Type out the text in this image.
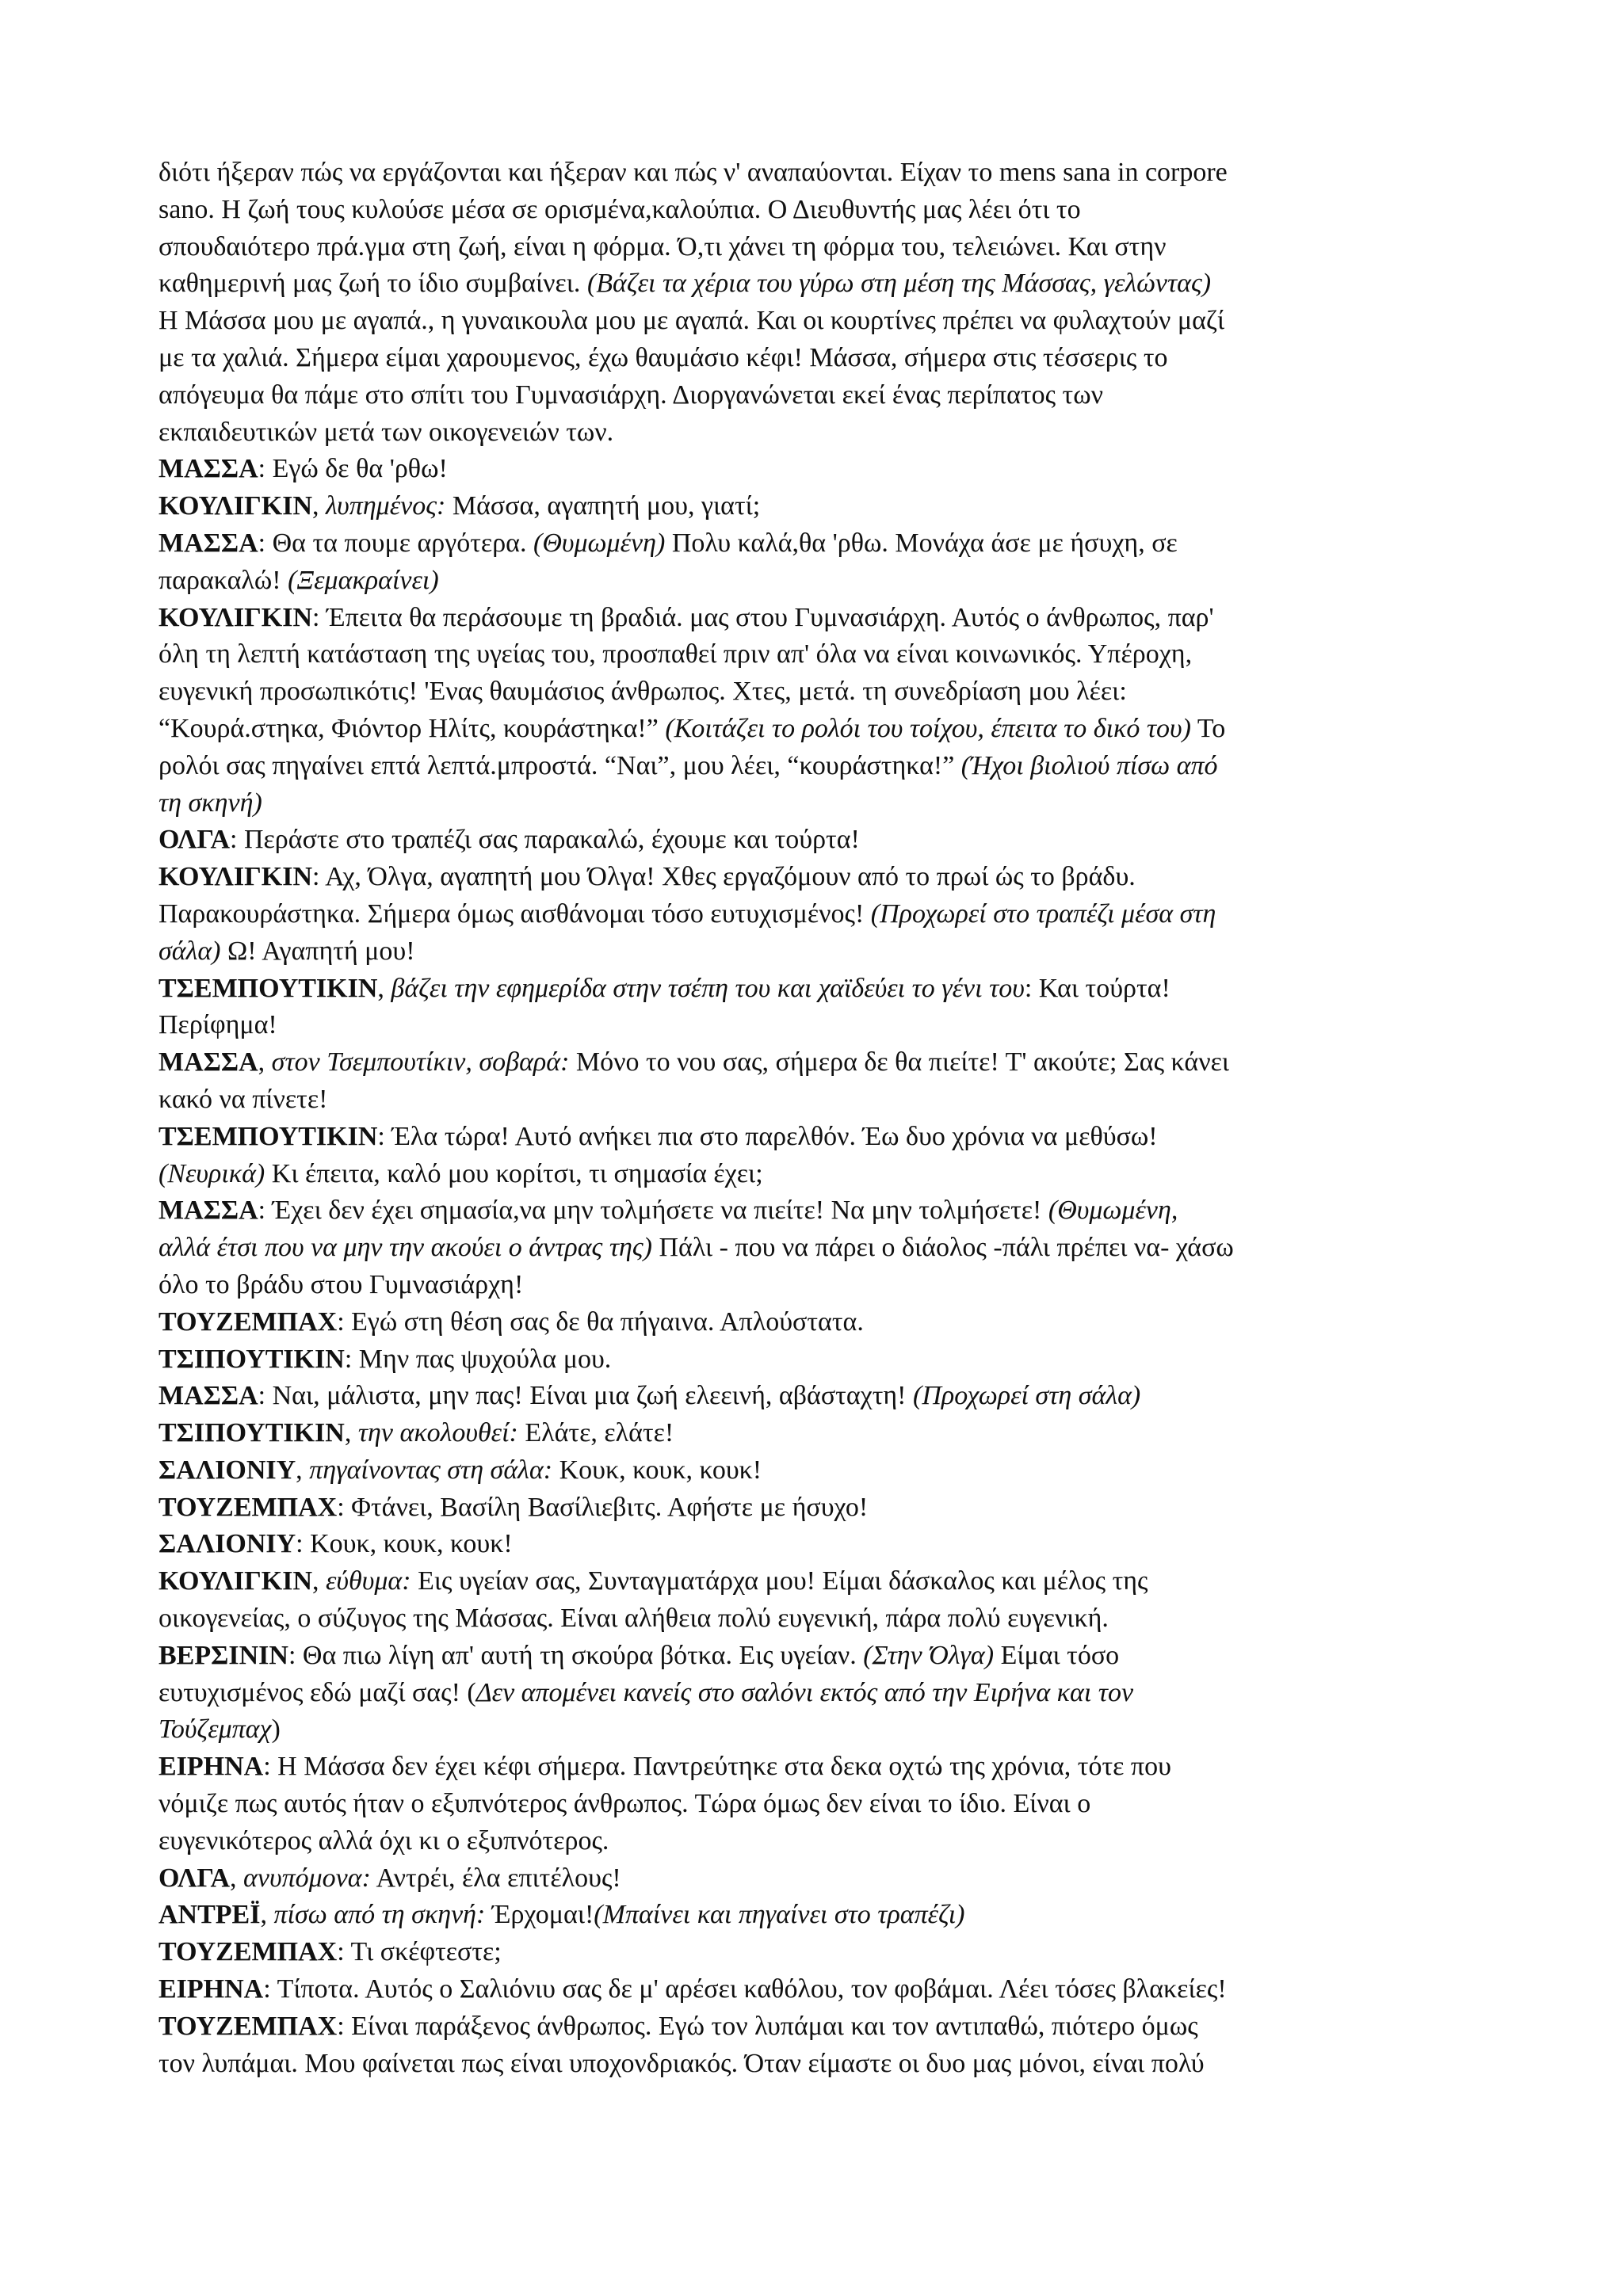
διότι ήξεραν πώς να εργάζονται και ήξεραν και πώς ν' αναπαύονται. Είχαν το mens sana in corpore
sano. Η ζωή τους κυλούσε μέσα σε ορισμένα,καλούπια. Ο Διευθυντής μας λέει ότι το
σπουδαιότερο πρά.γμα στη ζωή, είναι η φόρμα. Ό,τι χάνει τη φόρμα του, τελειώνει. Και στην
καθημερινή μας ζωή το ίδιο συμβαίνει. (Βάζει τα χέρια του γύρω στη μέση της Μάσσας, γελώντας)
Η Μάσσα μου με αγαπά., η γυναικουλα μου με αγαπά. Και οι κουρτίνες πρέπει να φυλαχτούν μαζί
με τα χαλιά. Σήμερα είμαι χαρουμενος, έχω θαυμάσιο κέφι! Μάσσα, σήμερα στις τέσσερις το
απόγευμα θα πάμε στο σπίτι του Γυμνασιάρχη. Διοργανώνεται εκεί ένας περίπατος των
εκπαιδευτικών μετά των οικογενειών των.
ΜΑΣΣΑ: Εγώ δε θα 'ρθω!
ΚΟΥΛΙΓΚΙΝ, λυπημένος: Μάσσα, αγαπητή μου, γιατί;
ΜΑΣΣΑ: Θα τα πουμε αργότερα. (Θυμωμένη) Πολυ καλά,θα 'ρθω. Μονάχα άσε με ήσυχη, σε
παρακαλώ! (Ξεμακραίνει)
ΚΟΥΛΙΓΚΙΝ: Έπειτα θα περάσουμε τη βραδιά. μας στου Γυμνασιάρχη. Αυτός ο άνθρωπος, παρ'
όλη τη λεπτή κατάσταση της υγείας του, προσπαθεί πριν απ' όλα να είναι κοινωνικός. Υπέροχη,
ευγενική προσωπικότις! 'Ενας θαυμάσιος άνθρωπος. Χτες, μετά. τη συνεδρίαση μου λέει:
“Κουρά.στηκα, Φιόντορ Ηλίτς, κουράστηκα!” (Κοιτάζει το ρολόι του τοίχου, έπειτα το δικό του) Το
ρολόι σας πηγαίνει επτά λεπτά.μπροστά. “Ναι”, μου λέει, “κουράστηκα!” (Ήχοι βιολιού πίσω από
τη σκηνή)
ΟΛΓΑ: Περάστε στο τραπέζι σας παρακαλώ, έχουμε και τούρτα!
ΚΟΥΛΙΓΚΙΝ: Αχ, Όλγα, αγαπητή μου Όλγα! Χθες εργαζόμουν από το πρωί ώς το βράδυ.
Παρακουράστηκα. Σήμερα όμως αισθάνομαι τόσο ευτυχισμένος! (Προχωρεί στο τραπέζι μέσα στη
σάλα) Ω! Αγαπητή μου!
ΤΣΕΜΠΟΥΤΙΚΙΝ, βάζει την εφημερίδα στην τσέπη του και χαϊδεύει το γένι του: Και τούρτα!
Περίφημα!
ΜΑΣΣΑ, στον Τσεμπουτίκιν, σοβαρά: Μόνο το νου σας, σήμερα δε θα πιείτε! Τ' ακούτε; Σας κάνει
κακό να πίνετε!
ΤΣΕΜΠΟΥΤΙΚΙΝ: Έλα τώρα! Αυτό ανήκει πια στο παρελθόν. Έω δυο χρόνια να μεθύσω!
(Νευρικά) Κι έπειτα, καλό μου κορίτσι, τι σημασία έχει;
ΜΑΣΣΑ: Έχει δεν έχει σημασία,να μην τολμήσετε να πιείτε! Να μην τολμήσετε! (Θυμωμένη,
αλλά έτσι που να μην την ακούει ο άντρας της) Πάλι - που να πάρει ο διάολος -πάλι πρέπει να- χάσω
όλο το βράδυ στου Γυμνασιάρχη!
ΤΟΥΖΕΜΠΑΧ: Εγώ στη θέση σας δε θα πήγαινα. Απλούστατα.
ΤΣΙΠΟΥΤΙΚΙΝ: Μην πας ψυχούλα μου.
ΜΑΣΣΑ: Ναι, μάλιστα, μην πας! Είναι μια ζωή ελεεινή, αβάσταχτη! (Προχωρεί στη σάλα)
ΤΣΙΠΟΥΤΙΚΙΝ, την ακολουθεί: Ελάτε, ελάτε!
ΣΑΛΙΟΝΙΥ, πηγαίνοντας στη σάλα: Κουκ, κουκ, κουκ!
ΤΟΥΖΕΜΠΑΧ: Φτάνει, Βασίλη Βασίλιεβιτς. Αφήστε με ήσυχο!
ΣΑΛΙΟΝΙΥ: Κουκ, κουκ, κουκ!
ΚΟΥΛΙΓΚΙΝ, εύθυμα: Εις υγείαν σας, Συνταγματάρχα μου! Είμαι δάσκαλος και μέλος της
οικογενείας, ο σύζυγος της Μάσσας. Είναι αλήθεια πολύ ευγενική, πάρα πολύ ευγενική.
ΒΕΡΣΙΝΙΝ: Θα πιω λίγη απ' αυτή τη σκούρα βότκα. Εις υγείαν. (Στην Όλγα) Είμαι τόσο
ευτυχισμένος εδώ μαζί σας! (Δεν απομένει κανείς στο σαλόνι εκτός από την Ειρήνα και τον
Τούζεμπαχ)
ΕΙΡΗΝΑ: Η Μάσσα δεν έχει κέφι σήμερα. Παντρεύτηκε στα δεκα οχτώ της χρόνια, τότε που
νόμιζε πως αυτός ήταν ο εξυπνότερος άνθρωπος. Τώρα όμως δεν είναι το ίδιο. Είναι ο
ευγενικότερος αλλά όχι κι ο εξυπνότερος.
ΟΛΓΑ, ανυπόμονα: Αντρέι, έλα επιτέλους!
ΑΝΤΡΕΪ, πίσω από τη σκηνή: Έρχομαι!(Μπαίνει και πηγαίνει στο τραπέζι)
ΤΟΥΖΕΜΠΑΧ: Τι σκέφτεστε;
ΕΙΡΗΝΑ: Τίποτα. Αυτός ο Σαλιόνιυ σας δε μ' αρέσει καθόλου, τον φοβάμαι. Λέει τόσες βλακείες!
ΤΟΥΖΕΜΠΑΧ: Είναι παράξενος άνθρωπος. Εγώ τον λυπάμαι και τον αντιπαθώ, πιότερο όμως
τον λυπάμαι. Μου φαίνεται πως είναι υποχονδριακός. Όταν είμαστε οι δυο μας μόνοι, είναι πολύ
